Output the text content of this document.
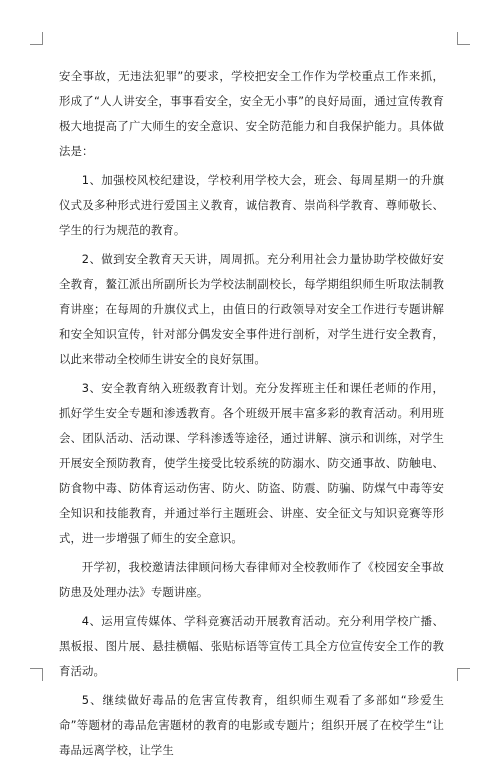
安全事故，无违法犯罪”的要求，学校把安全工作作为学校重点工作来抓，形成了“人人讲安全，事事看安全，安全无小事”的良好局面，通过宣传教育极大地提高了广大师生的安全意识、安全防范能力和自我保护能力。具体做法是：

1、加强校风校纪建设，学校利用学校大会，班会、每周星期一的升旗仪式及多种形式进行爱国主义教育，诚信教育、崇尚科学教育、尊师敬长、学生的行为规范的教育。

2、做到安全教育天天讲，周周抓。充分利用社会力量协助学校做好安全教育，鳌江派出所副所长为学校法制副校长，每学期组织师生听取法制教育讲座；在每周的升旗仪式上，由值日的行政领导对安全工作进行专题讲解和安全知识宣传，针对部分偶发安全事件进行剖析，对学生进行安全教育，以此来带动全校师生讲安全的良好氛围。

3、安全教育纳入班级教育计划。充分发挥班主任和课任老师的作用，抓好学生安全专题和渗透教育。各个班级开展丰富多彩的教育活动。利用班会、团队活动、活动课、学科渗透等途径，通过讲解、演示和训练，对学生开展安全预防教育，使学生接受比较系统的防溺水、防交通事故、防触电、防食物中毒、防体育运动伤害、防火、防盗、防震、防骗、防煤气中毒等安全知识和技能教育，并通过举行主题班会、讲座、安全征文与知识竞赛等形式，进一步增强了师生的安全意识。

开学初，我校邀请法律顾问杨大春律师对全校教师作了《校园安全事故防患及处理办法》专题讲座。

4、运用宣传媒体、学科竞赛活动开展教育活动。充分利用学校广播、黑板报、图片展、悬挂横幅、张贴标语等宣传工具全方位宣传安全工作的教育活动。

5、继续做好毒品的危害宣传教育，组织师生观看了多部如“珍爱生命”等题材的毒品危害题材的教育的电影或专题片；组织开展了在校学生“让毒品远离学校，让学生
